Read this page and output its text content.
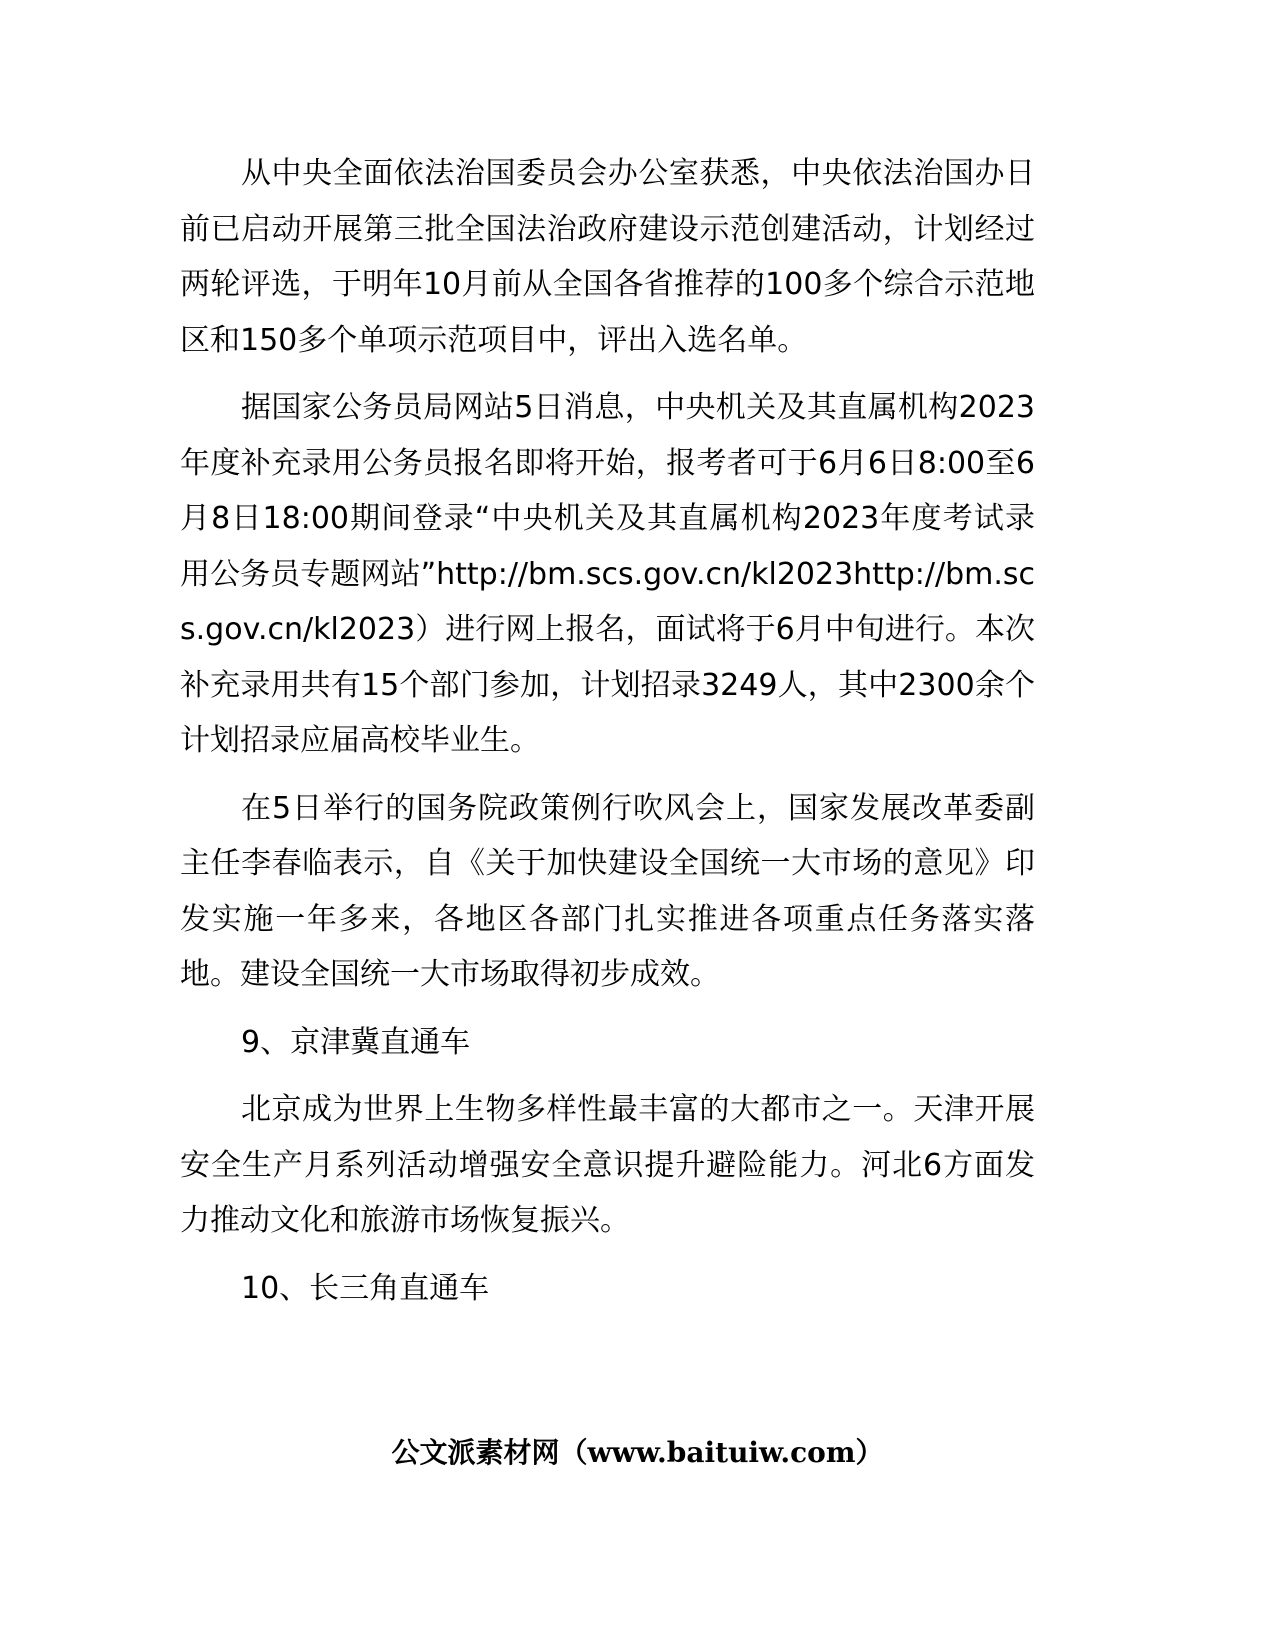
从中央全面依法治国委员会办公室获悉，中央依法治国办日前已启动开展第三批全国法治政府建设示范创建活动，计划经过两轮评选，于明年10月前从全国各省推荐的100多个综合示范地区和150多个单项示范项目中，评出入选名单。

据国家公务员局网站5日消息，中央机关及其直属机构2023年度补充录用公务员报名即将开始，报考者可于6月6日8:00至6月8日18:00期间登录“中央机关及其直属机构2023年度考试录用公务员专题网站”http://bm.scs.gov.cn/kl2023http://bm.scs.gov.cn/kl2023）进行网上报名，面试将于6月中旬进行。本次补充录用共有15个部门参加，计划招录3249人，其中2300余个计划招录应届高校毕业生。

在5日举行的国务院政策例行吹风会上，国家发展改革委副主任李春临表示，自《关于加快建设全国统一大市场的意见》印发实施一年多来，各地区各部门扎实推进各项重点任务落实落地。建设全国统一大市场取得初步成效。

9、京津冀直通车

北京成为世界上生物多样性最丰富的大都市之一。天津开展安全生产月系列活动增强安全意识提升避险能力。河北6方面发力推动文化和旅游市场恢复振兴。

10、长三角直通车

公文派素材网（www.baituiw.com）
